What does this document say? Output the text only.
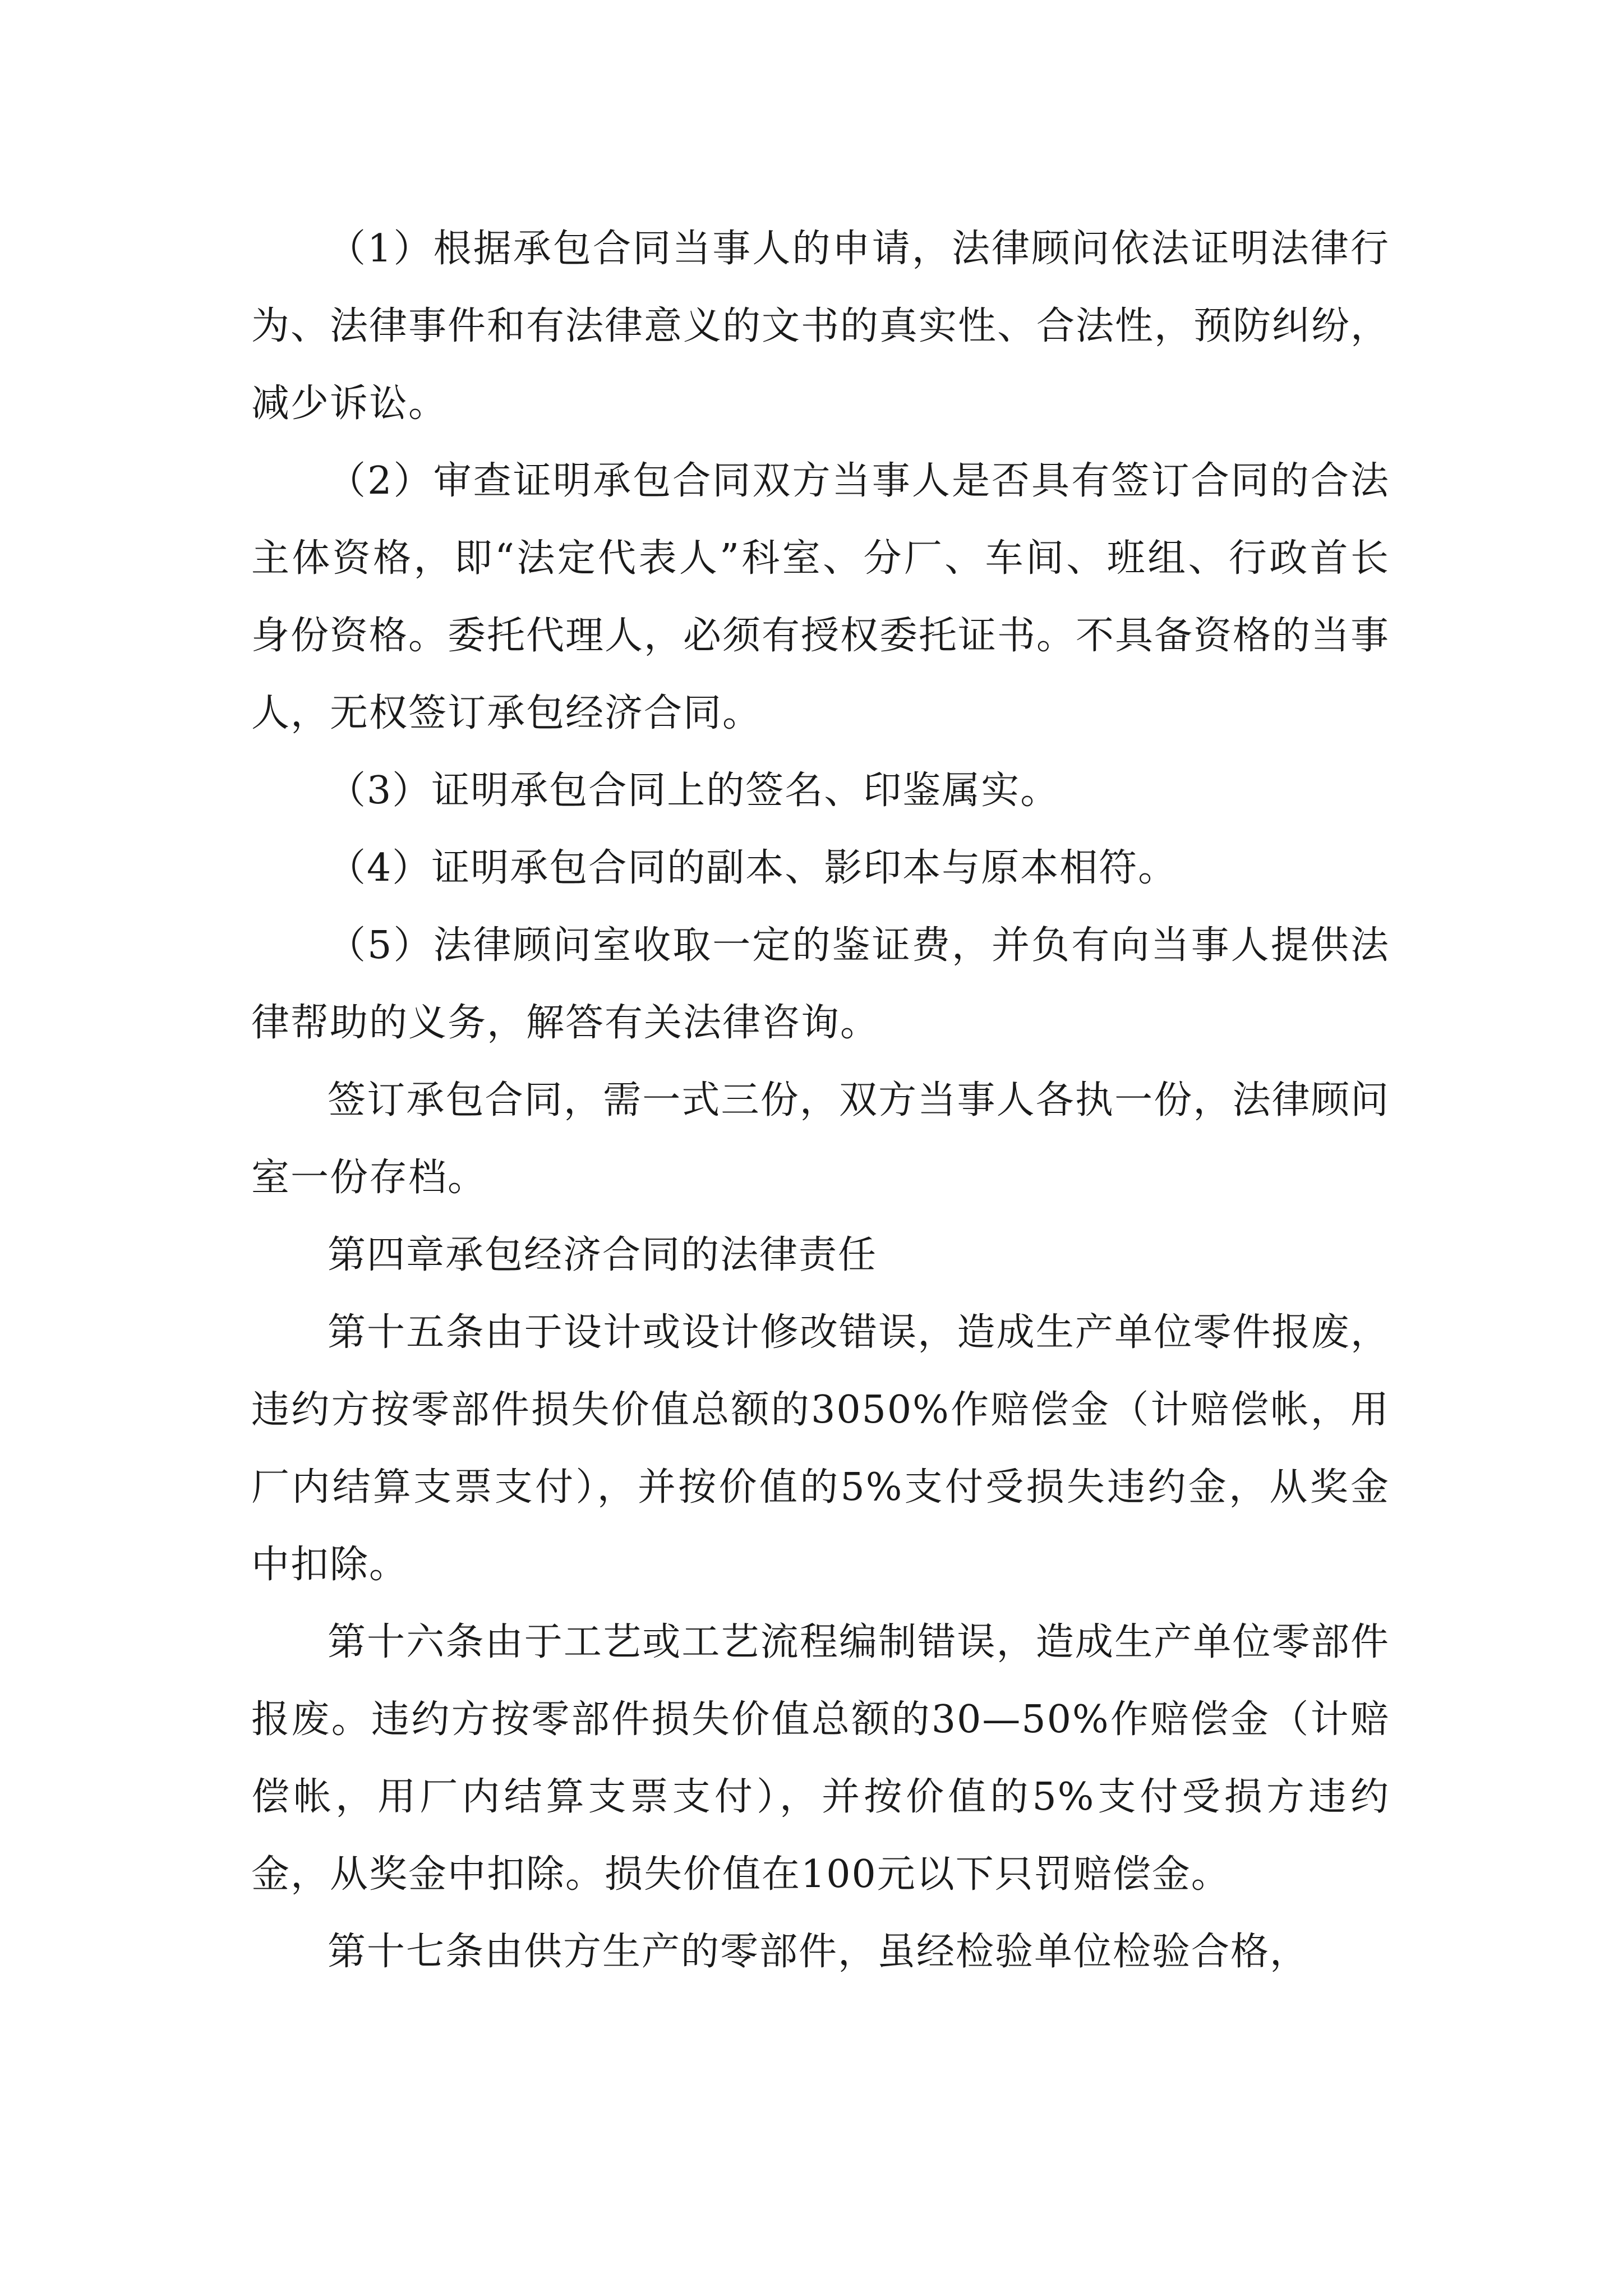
（1）根据承包合同当事人的申请，法律顾问依法证明法律行为、法律事件和有法律意义的文书的真实性、合法性，预防纠纷，减少诉讼。

（2）审查证明承包合同双方当事人是否具有签订合同的合法主体资格，即“法定代表人”科室、分厂、车间、班组、行政首长身份资格。委托代理人，必须有授权委托证书。不具备资格的当事人，无权签订承包经济合同。

（3）证明承包合同上的签名、印鉴属实。

（4）证明承包合同的副本、影印本与原本相符。

（5）法律顾问室收取一定的鉴证费，并负有向当事人提供法律帮助的义务，解答有关法律咨询。

签订承包合同，需一式三份，双方当事人各执一份，法律顾问室一份存档。

第四章承包经济合同的法律责任

第十五条由于设计或设计修改错误，造成生产单位零件报废，违约方按零部件损失价值总额的3050%作赔偿金（计赔偿帐，用厂内结算支票支付），并按价值的5%支付受损失违约金，从奖金中扣除。

第十六条由于工艺或工艺流程编制错误，造成生产单位零部件报废。违约方按零部件损失价值总额的30—50%作赔偿金（计赔偿帐，用厂内结算支票支付），并按价值的5%支付受损方违约金，从奖金中扣除。损失价值在100元以下只罚赔偿金。

第十七条由供方生产的零部件，虽经检验单位检验合格，
